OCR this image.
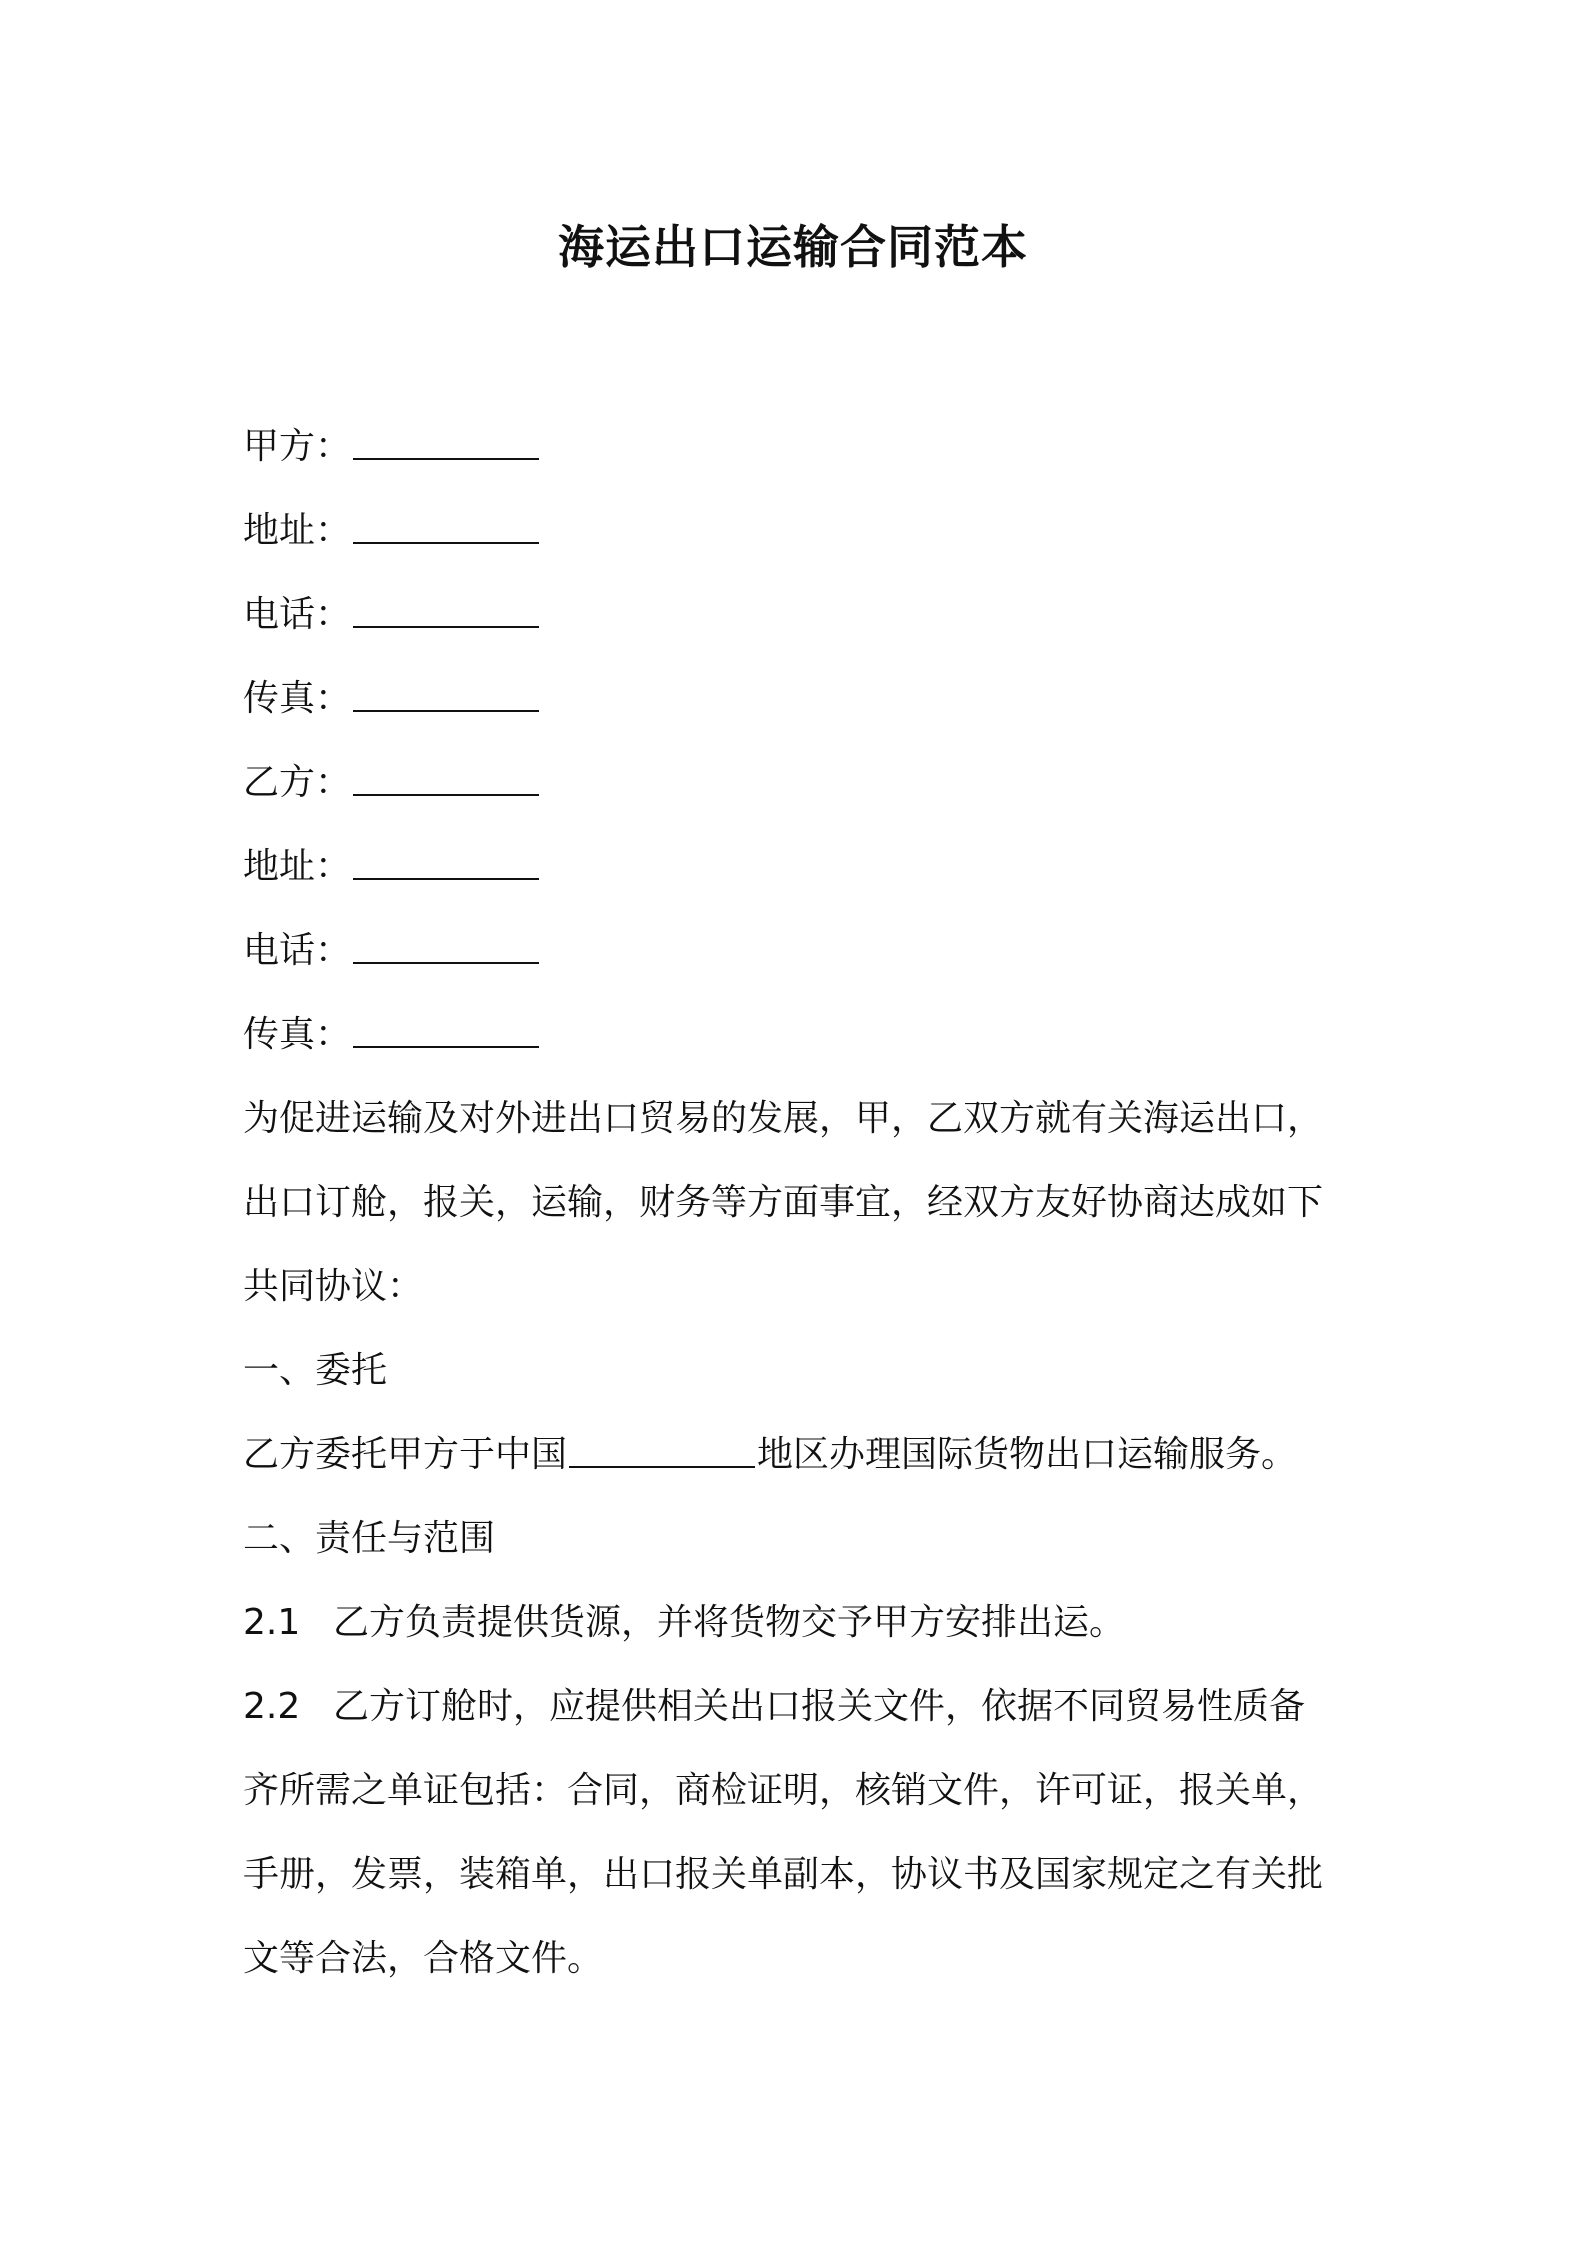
海运出口运输合同范本
甲方：
地址：
电话：
传真：
乙方：
地址：
电话：
传真：
为促进运输及对外进出口贸易的发展，甲，乙双方就有关海运出口，
出口订舱，报关，运输，财务等方面事宜，经双方友好协商达成如下
共同协议：
一、委托
乙方委托甲方于中国	地区办理国际货物出口运输服务。
二、责任与范围
2.1 乙方负责提供货源，并将货物交予甲方安排出运。
2.2 乙方订舱时，应提供相关出口报关文件，依据不同贸易性质备
齐所需之单证包括：合同，商检证明，核销文件，许可证，报关单，
手册，发票，装箱单，出口报关单副本，协议书及国家规定之有关批
文等合法，合格文件。
